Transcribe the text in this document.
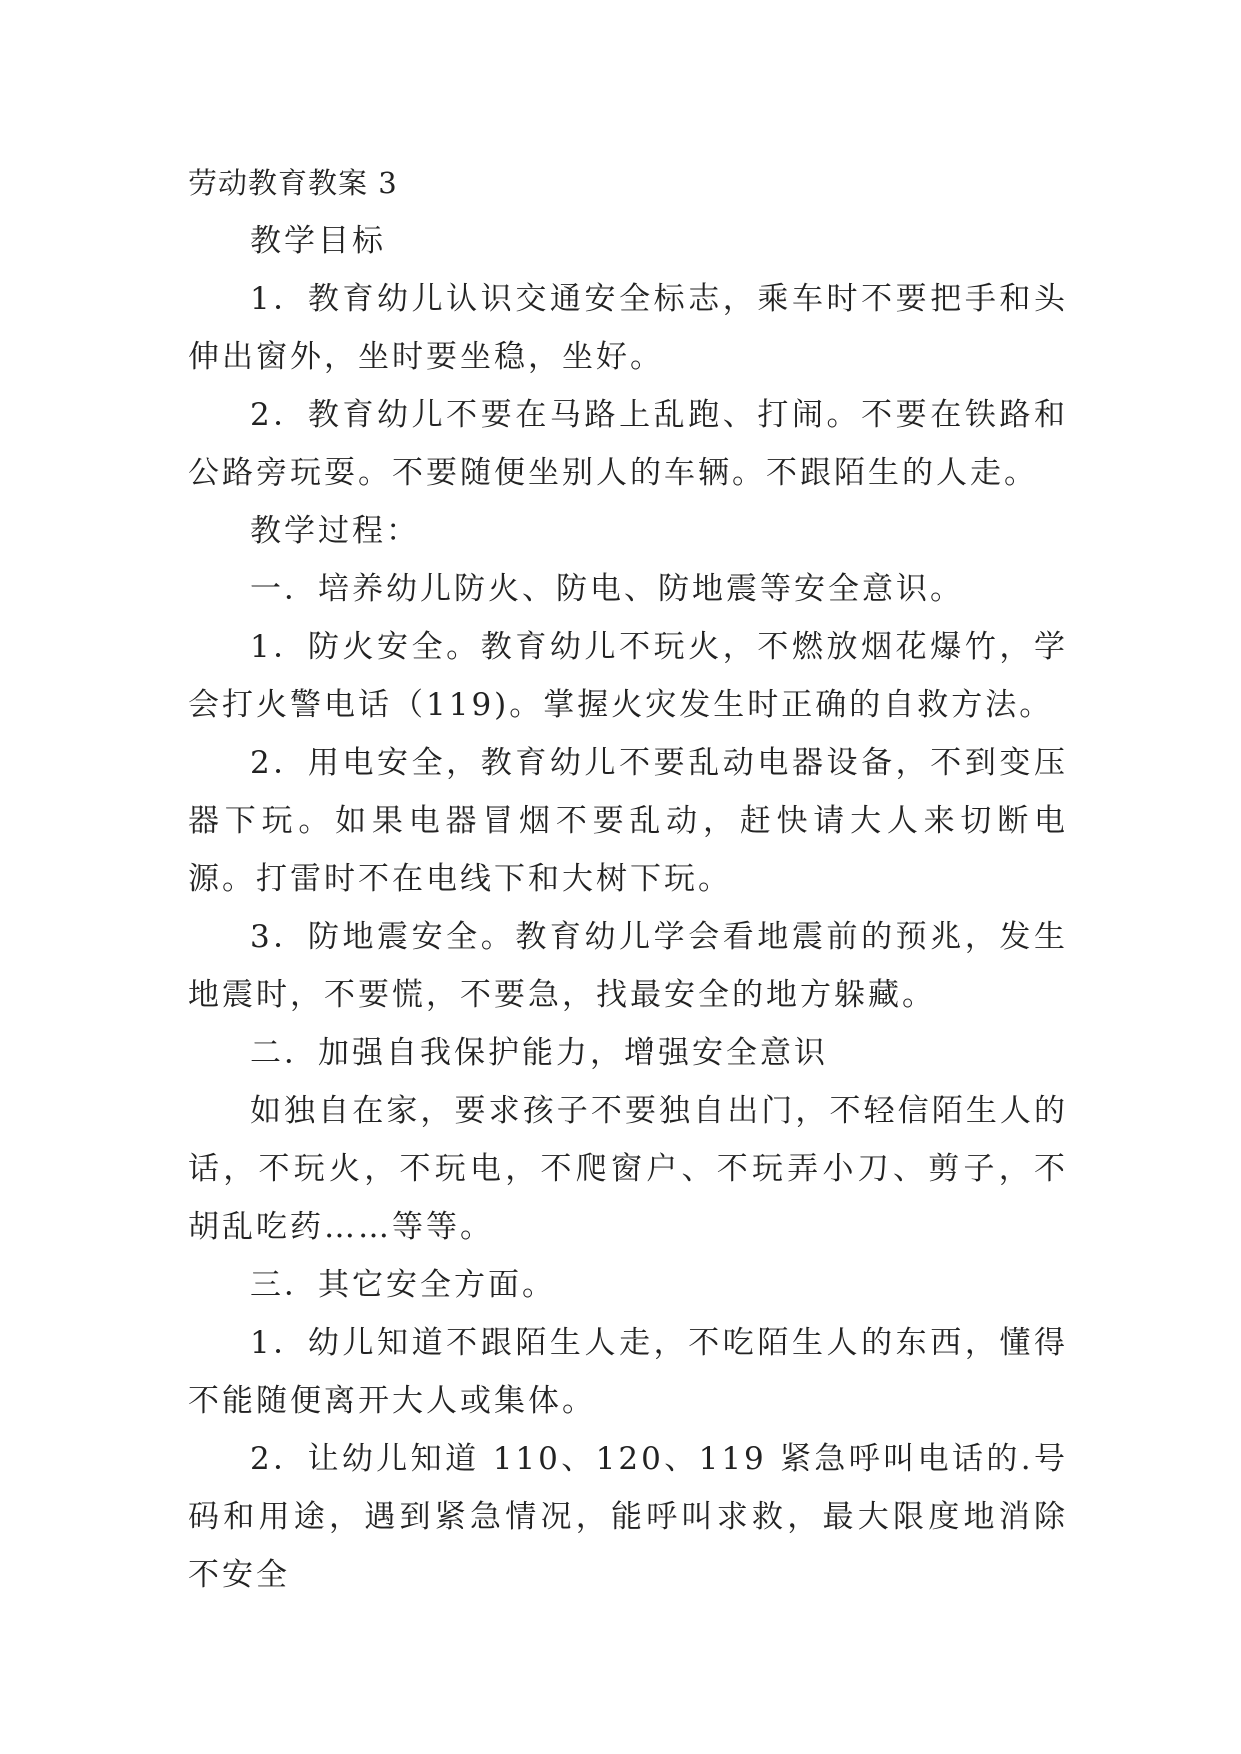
劳动教育教案 3

教学目标

1．教育幼儿认识交通安全标志，乘车时不要把手和头伸出窗外，坐时要坐稳，坐好。

2．教育幼儿不要在马路上乱跑、打闹。不要在铁路和公路旁玩耍。不要随便坐别人的车辆。不跟陌生的人走。

教学过程：

一．培养幼儿防火、防电、防地震等安全意识。

1．防火安全。教育幼儿不玩火，不燃放烟花爆竹，学会打火警电话（119)。掌握火灾发生时正确的自救方法。

2．用电安全，教育幼儿不要乱动电器设备，不到变压器下玩。如果电器冒烟不要乱动，赶快请大人来切断电源。打雷时不在电线下和大树下玩。

3．防地震安全。教育幼儿学会看地震前的预兆，发生地震时，不要慌，不要急，找最安全的地方躲藏。

二．加强自我保护能力，增强安全意识

如独自在家，要求孩子不要独自出门，不轻信陌生人的话，不玩火，不玩电，不爬窗户、不玩弄小刀、剪子，不胡乱吃药……等等。

三．其它安全方面。

1．幼儿知道不跟陌生人走，不吃陌生人的东西，懂得不能随便离开大人或集体。

2．让幼儿知道 110、120、119 紧急呼叫电话的.号码和用途，遇到紧急情况，能呼叫求救，最大限度地消除不安全
